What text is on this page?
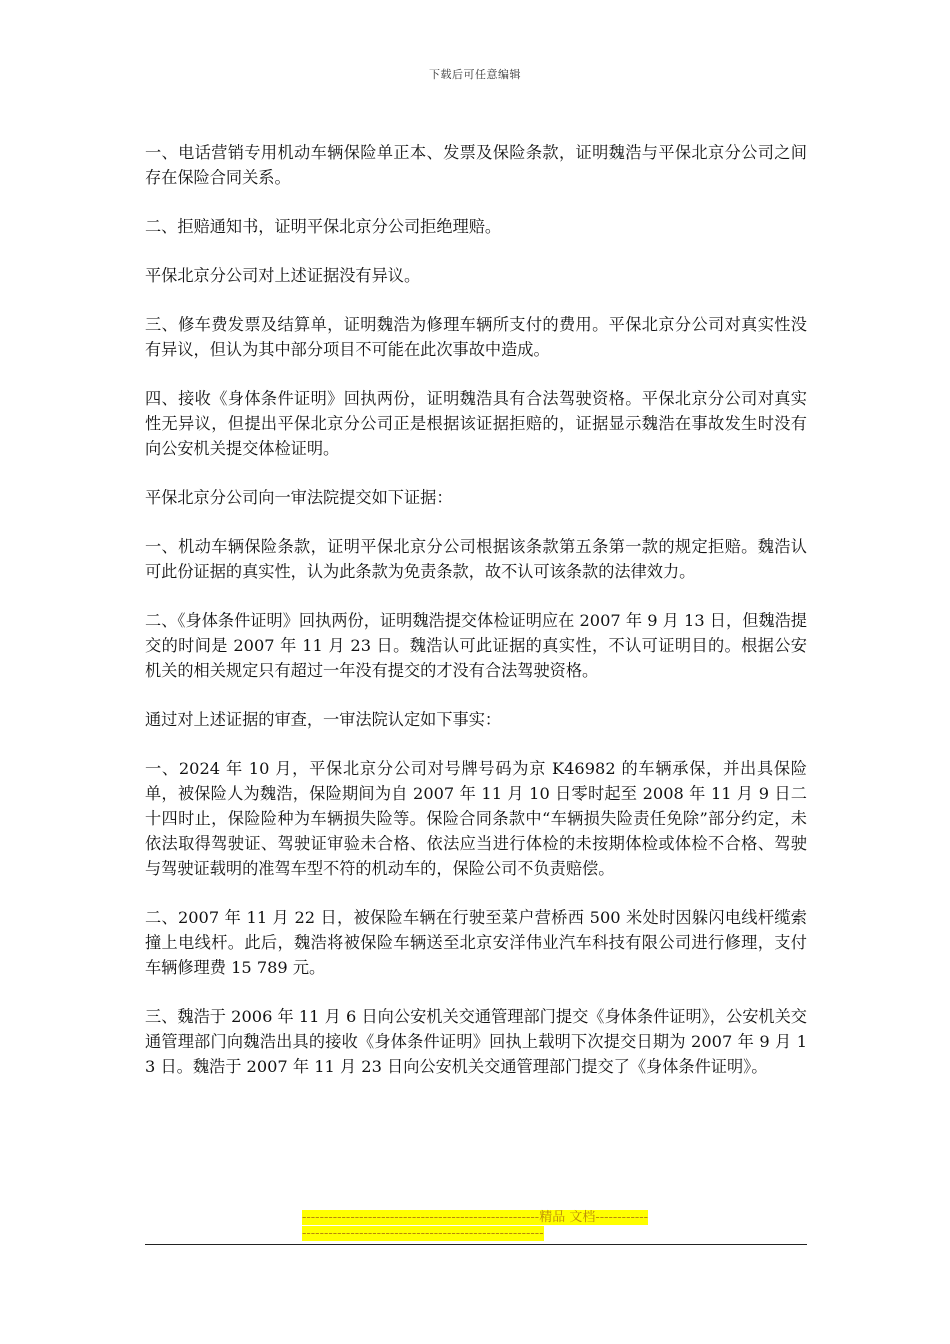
下载后可任意编辑

一、电话营销专用机动车辆保险单正本、发票及保险条款，证明魏浩与平保北京分公司之间存在保险合同关系。

二、拒赔通知书，证明平保北京分公司拒绝理赔。

平保北京分公司对上述证据没有异议。

三、修车费发票及结算单，证明魏浩为修理车辆所支付的费用。平保北京分公司对真实性没有异议，但认为其中部分项目不可能在此次事故中造成。

四、接收《身体条件证明》回执两份，证明魏浩具有合法驾驶资格。平保北京分公司对真实性无异议，但提出平保北京分公司正是根据该证据拒赔的，证据显示魏浩在事故发生时没有向公安机关提交体检证明。

平保北京分公司向一审法院提交如下证据：

一、机动车辆保险条款，证明平保北京分公司根据该条款第五条第一款的规定拒赔。魏浩认可此份证据的真实性，认为此条款为免责条款，故不认可该条款的法律效力。

二、《身体条件证明》回执两份，证明魏浩提交体检证明应在 2007 年 9 月 13 日，但魏浩提交的时间是 2007 年 11 月 23 日。魏浩认可此证据的真实性，不认可证明目的。根据公安机关的相关规定只有超过一年没有提交的才没有合法驾驶资格。

通过对上述证据的审查，一审法院认定如下事实：

一、2024 年 10 月，平保北京分公司对号牌号码为京 K46982 的车辆承保，并出具保险单，被保险人为魏浩，保险期间为自 2007 年 11 月 10 日零时起至 2008 年 11 月 9 日二十四时止，保险险种为车辆损失险等。保险合同条款中“车辆损失险责任免除”部分约定，未依法取得驾驶证、驾驶证审验未合格、依法应当进行体检的未按期体检或体检不合格、驾驶与驾驶证载明的准驾车型不符的机动车的，保险公司不负责赔偿。

二、2007 年 11 月 22 日，被保险车辆在行驶至菜户营桥西 500 米处时因躲闪电线杆缆索撞上电线杆。此后，魏浩将被保险车辆送至北京安洋伟业汽车科技有限公司进行修理，支付车辆修理费 15 789 元。

三、魏浩于 2006 年 11 月 6 日向公安机关交通管理部门提交《身体条件证明》，公安机关交通管理部门向魏浩出具的接收《身体条件证明》回执上载明下次提交日期为 2007 年 9 月 13 日。魏浩于 2007 年 11 月 23 日向公安机关交通管理部门提交了《身体条件证明》。

------------------------------------------------------精品 文档-------------------------------------------------------------------
